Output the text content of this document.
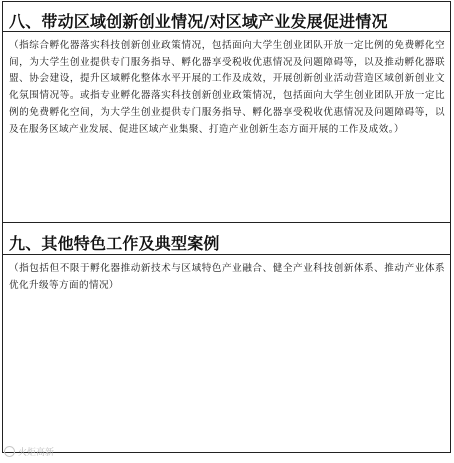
八、带动区域创新创业情况/对区域产业发展促进情况
（指综合孵化器落实科技创新创业政策情况，包括面向大学生创业团队开放一定比例的免费孵化空间，为大学生创业提供专门服务指导、孵化器享受税收优惠情况及问题障碍等，以及推动孵化器联盟、协会建设，提升区域孵化整体水平开展的工作及成效，开展创新创业活动营造区域创新创业文化氛围情况等。或指专业孵化器落实科技创新创业政策情况，包括面向大学生创业团队开放一定比例的免费孵化空间，为大学生创业提供专门服务指导、孵化器享受税收优惠情况及问题障碍等，以及在服务区域产业发展、促进区域产业集聚、打造产业创新生态方面开展的工作及成效。）
九、其他特色工作及典型案例
（指包括但不限于孵化器推动新技术与区域特色产业融合、健全产业科技创新体系、推动产业体系优化升级等方面的情况）
火炬高新
